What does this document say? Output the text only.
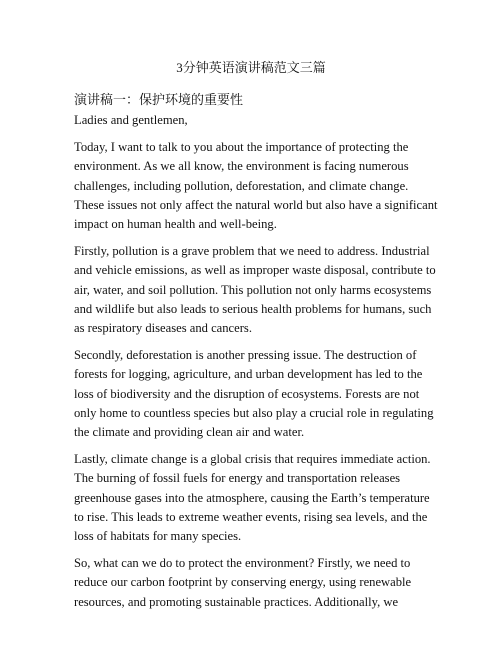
3分钟英语演讲稿范文三篇
演讲稿一：保护环境的重要性

Ladies and gentlemen,

Today, I want to talk to you about the importance of protecting the environment. As we all know, the environment is facing numerous challenges, including pollution, deforestation, and climate change. These issues not only affect the natural world but also have a significant impact on human health and well-being.

Firstly, pollution is a grave problem that we need to address. Industrial and vehicle emissions, as well as improper waste disposal, contribute to air, water, and soil pollution. This pollution not only harms ecosystems and wildlife but also leads to serious health problems for humans, such as respiratory diseases and cancers.

Secondly, deforestation is another pressing issue. The destruction of forests for logging, agriculture, and urban development has led to the loss of biodiversity and the disruption of ecosystems. Forests are not only home to countless species but also play a crucial role in regulating the climate and providing clean air and water.

Lastly, climate change is a global crisis that requires immediate action. The burning of fossil fuels for energy and transportation releases greenhouse gases into the atmosphere, causing the Earth’s temperature to rise. This leads to extreme weather events, rising sea levels, and the loss of habitats for many species.

So, what can we do to protect the environment? Firstly, we need to reduce our carbon footprint by conserving energy, using renewable resources, and promoting sustainable practices. Additionally, we
